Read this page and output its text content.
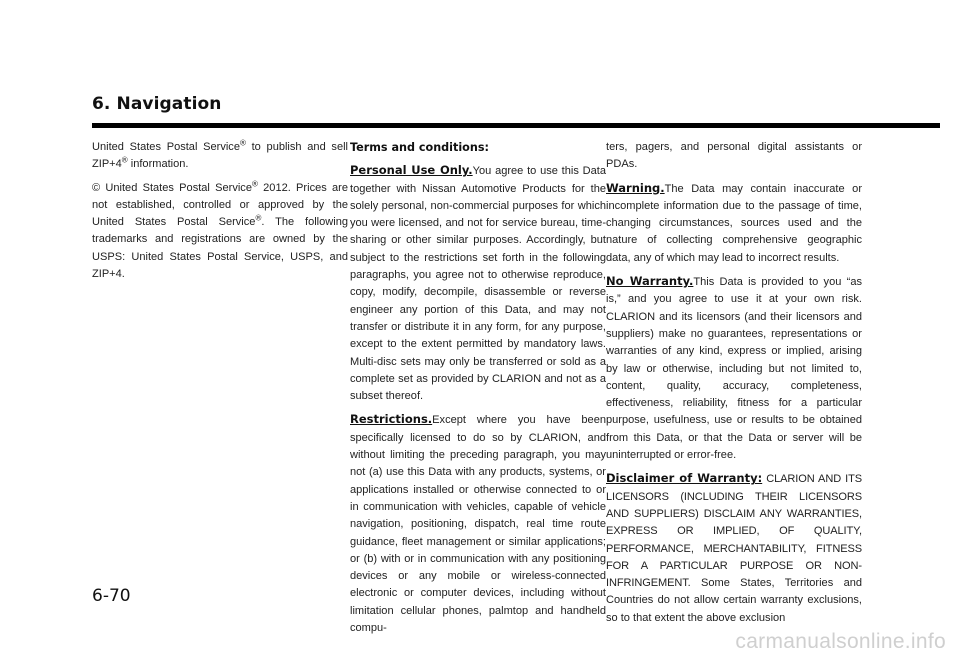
6. Navigation

United States Postal Service® to publish and sell ZIP+4® information.

© United States Postal Service® 2012. Prices are not established, controlled or approved by the United States Postal Service®. The following trademarks and registrations are owned by the USPS: United States Postal Service, USPS, and ZIP+4.

Terms and conditions:

Personal Use Only.You agree to use this Data together with Nissan Automotive Products for the solely personal, non-commercial purposes for which you were licensed, and not for service bureau, time-sharing or other similar purposes. Accordingly, but subject to the restrictions set forth in the following paragraphs, you agree not to otherwise reproduce, copy, modify, decompile, disassemble or reverse engineer any portion of this Data, and may not transfer or distribute it in any form, for any purpose, except to the extent permitted by mandatory laws. Multi-disc sets may only be transferred or sold as a complete set as provided by CLARION and not as a subset thereof.

Restrictions.Except where you have been specifically licensed to do so by CLARION, and without limiting the preceding paragraph, you may not (a) use this Data with any products, systems, or applications installed or otherwise connected to or in communication with vehicles, capable of vehicle navigation, positioning, dispatch, real time route guidance, fleet management or similar applications; or (b) with or in communication with any positioning devices or any mobile or wireless-connected electronic or computer devices, including without limitation cellular phones, palmtop and handheld compu-

ters, pagers, and personal digital assistants or PDAs.

Warning.The Data may contain inaccurate or incomplete information due to the passage of time, changing circumstances, sources used and the nature of collecting comprehensive geographic data, any of which may lead to incorrect results.

No Warranty.This Data is provided to you “as is,” and you agree to use it at your own risk. CLARION and its licensors (and their licensors and suppliers) make no guarantees, representations or warranties of any kind, express or implied, arising by law or otherwise, including but not limited to, content, quality, accuracy, completeness, effectiveness, reliability, fitness for a particular purpose, usefulness, use or results to be obtained from this Data, or that the Data or server will be uninterrupted or error-free.

Disclaimer of Warranty: CLARION AND ITS LICENSORS (INCLUDING THEIR LICENSORS AND SUPPLIERS) DISCLAIM ANY WARRANTIES, EXPRESS OR IMPLIED, OF QUALITY, PERFORMANCE, MERCHANTABILITY, FITNESS FOR A PARTICULAR PURPOSE OR NON-INFRINGEMENT. Some States, Territories and Countries do not allow certain warranty exclusions, so to that extent the above exclusion

6-70
carmanualsonline.info
